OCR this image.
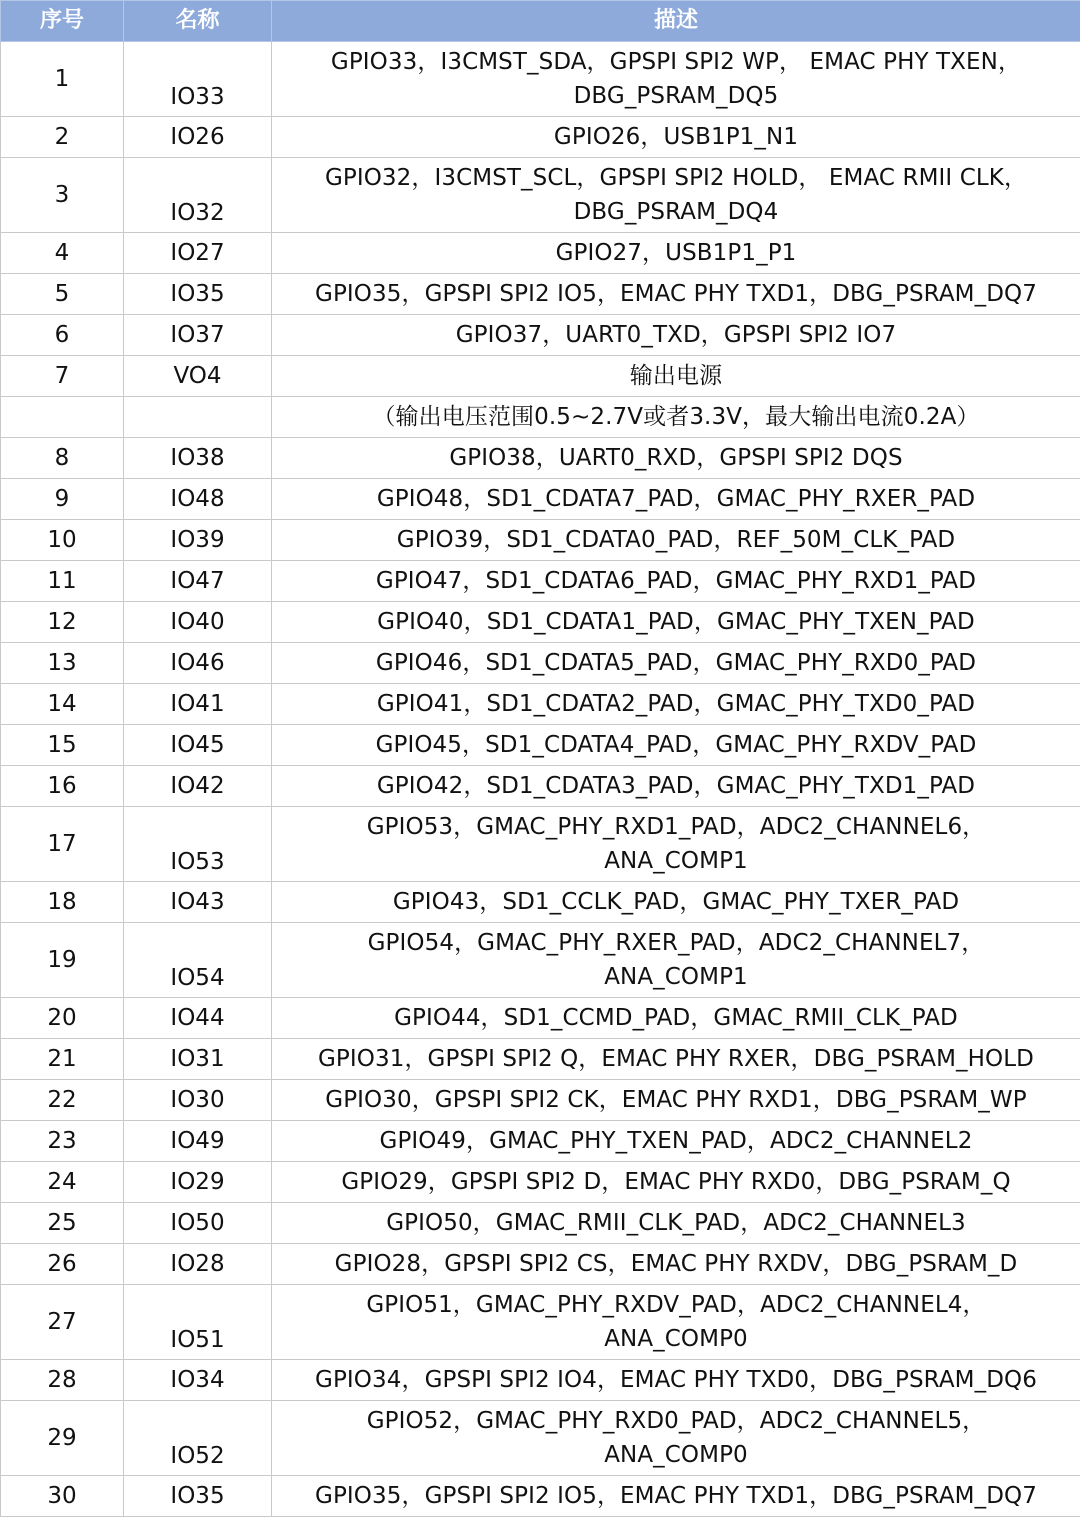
序号	名称	描述
1	IO33	GPIO33，I3CMST_SDA，GPSPI SPI2 WP， EMAC PHY TXEN，
DBG_PSRAM_DQ5
2	IO26	GPIO26，USB1P1_N1
3	IO32	GPIO32，I3CMST_SCL，GPSPI SPI2 HOLD， EMAC RMII CLK，
DBG_PSRAM_DQ4
4	IO27	GPIO27，USB1P1_P1
5	IO35	GPIO35，GPSPI SPI2 IO5，EMAC PHY TXD1，DBG_PSRAM_DQ7
6	IO37	GPIO37，UART0_TXD，GPSPI SPI2 IO7
7	VO4	输出电源
		（输出电压范围0.5~2.7V或者3.3V，最大输出电流0.2A）
8	IO38	GPIO38，UART0_RXD，GPSPI SPI2 DQS
9	IO48	GPIO48，SD1_CDATA7_PAD，GMAC_PHY_RXER_PAD
10	IO39	GPIO39，SD1_CDATA0_PAD，REF_50M_CLK_PAD
11	IO47	GPIO47，SD1_CDATA6_PAD，GMAC_PHY_RXD1_PAD
12	IO40	GPIO40，SD1_CDATA1_PAD，GMAC_PHY_TXEN_PAD
13	IO46	GPIO46，SD1_CDATA5_PAD，GMAC_PHY_RXD0_PAD
14	IO41	GPIO41，SD1_CDATA2_PAD，GMAC_PHY_TXD0_PAD
15	IO45	GPIO45，SD1_CDATA4_PAD，GMAC_PHY_RXDV_PAD
16	IO42	GPIO42，SD1_CDATA3_PAD，GMAC_PHY_TXD1_PAD
17	IO53	GPIO53，GMAC_PHY_RXD1_PAD，ADC2_CHANNEL6，
ANA_COMP1
18	IO43	GPIO43，SD1_CCLK_PAD，GMAC_PHY_TXER_PAD
19	IO54	GPIO54，GMAC_PHY_RXER_PAD，ADC2_CHANNEL7，
ANA_COMP1
20	IO44	GPIO44，SD1_CCMD_PAD，GMAC_RMII_CLK_PAD
21	IO31	GPIO31，GPSPI SPI2 Q，EMAC PHY RXER，DBG_PSRAM_HOLD
22	IO30	GPIO30，GPSPI SPI2 CK，EMAC PHY RXD1，DBG_PSRAM_WP
23	IO49	GPIO49，GMAC_PHY_TXEN_PAD，ADC2_CHANNEL2
24	IO29	GPIO29，GPSPI SPI2 D，EMAC PHY RXD0，DBG_PSRAM_Q
25	IO50	GPIO50，GMAC_RMII_CLK_PAD，ADC2_CHANNEL3
26	IO28	GPIO28，GPSPI SPI2 CS，EMAC PHY RXDV，DBG_PSRAM_D
27	IO51	GPIO51，GMAC_PHY_RXDV_PAD，ADC2_CHANNEL4，
ANA_COMP0
28	IO34	GPIO34，GPSPI SPI2 IO4，EMAC PHY TXD0，DBG_PSRAM_DQ6
29	IO52	GPIO52，GMAC_PHY_RXD0_PAD，ADC2_CHANNEL5，
ANA_COMP0
30	IO35	GPIO35，GPSPI SPI2 IO5，EMAC PHY TXD1，DBG_PSRAM_DQ7
